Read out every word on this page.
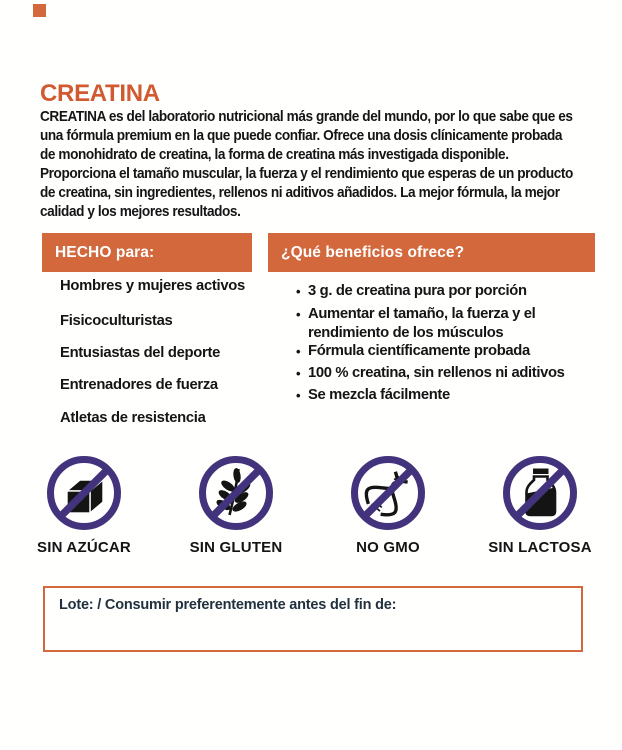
CREATINA
CREATINA es del laboratorio nutricional más grande del mundo, por lo que sabe que es
una fórmula premium en la que puede confiar. Ofrece una dosis clínicamente probada
de monohidrato de creatina, la forma de creatina más investigada disponible.
Proporciona el tamaño muscular, la fuerza y el rendimiento que esperas de un producto
de creatina, sin ingredientes, rellenos ni aditivos añadidos. La mejor fórmula, la mejor
calidad y los mejores resultados.
HECHO para:	¿Qué beneficios ofrece?
Hombres y mujeres activos
Fisicoculturistas
Entusiastas del deporte
Entrenadores de fuerza
Atletas de resistencia
• 3 g. de creatina pura por porción
• Aumentar el tamaño, la fuerza y el
rendimiento de los músculos
• Fórmula científicamente probada
• 100 % creatina, sin rellenos ni aditivos
• Se mezcla fácilmente
SIN AZÚCAR	SIN GLUTEN	NO GMO	SIN LACTOSA
Lote: / Consumir preferentemente antes del fin de:
